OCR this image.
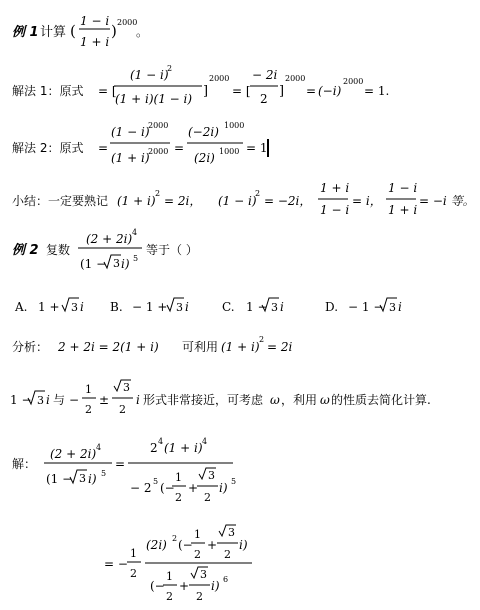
例 1 计算 (
1 − i
1 + i
) 2000
。
解法 1：原式 = [
(1 − i)
2
(1 + i)(1 − i) ]
2000
= [
− 2i
2 ]
2000
= (−i)
2000
= 1.
解法 2：原式 =
(1 − i)
2000
(1 + i)
2000 =
(−2i) 1000
(2i) 1000 = 1
小结：一定要熟记 (1 + i)
2
= 2i， (1 − i)
2
= −2i，
1 + i
1 − i
= i，
1 − i
1 + i
= −i 等。
例 2 复数
(2 + 2i) 4
(1 − 3 i) 5
等于（ ）
A. 1 + 3 i B. − 1 + 3 i	C. 1 − 3 i	D. − 1 − 3 i
分析： 2 + 2i = 2(1 + i) 可利用 (1 + i)
2
= 2i
1 − 3 i 与 −
1
2
±
3
2
i 形式非常接近，可考虑 ω ，利用 ω 的性质去简化计算.
解：
(2 + 2i) 4
(1 − 3 i) 5
=
2 4 (1 + i) 4
− 2 5 (−
1
2
+
3
2
i) 5
= −
1
2
(2i) 2 (−
1
2
+
3
2
i)
(−
1
2
+
3
2
i) 6
